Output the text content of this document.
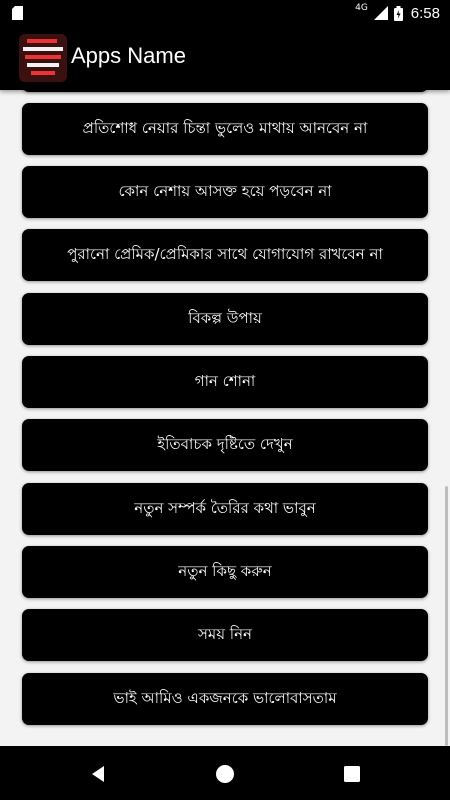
4G	6:58
Apps Name
প্রতিশোধ নেয়ার চিন্তা ভুলেও মাথায় আনবেন না
কোন নেশায় আসক্ত হয়ে পড়বেন না
পুরানো প্রেমিক/প্রেমিকার সাথে যোগাযোগ রাখবেন না
বিকল্প উপায়
গান শোনা
ইতিবাচক দৃষ্টিতে দেখুন
নতুন সম্পর্ক তৈরির কথা ভাবুন
নতুন কিছু করুন
সময় নিন
ভাই আমিও একজনকে ভালোবাসতাম
